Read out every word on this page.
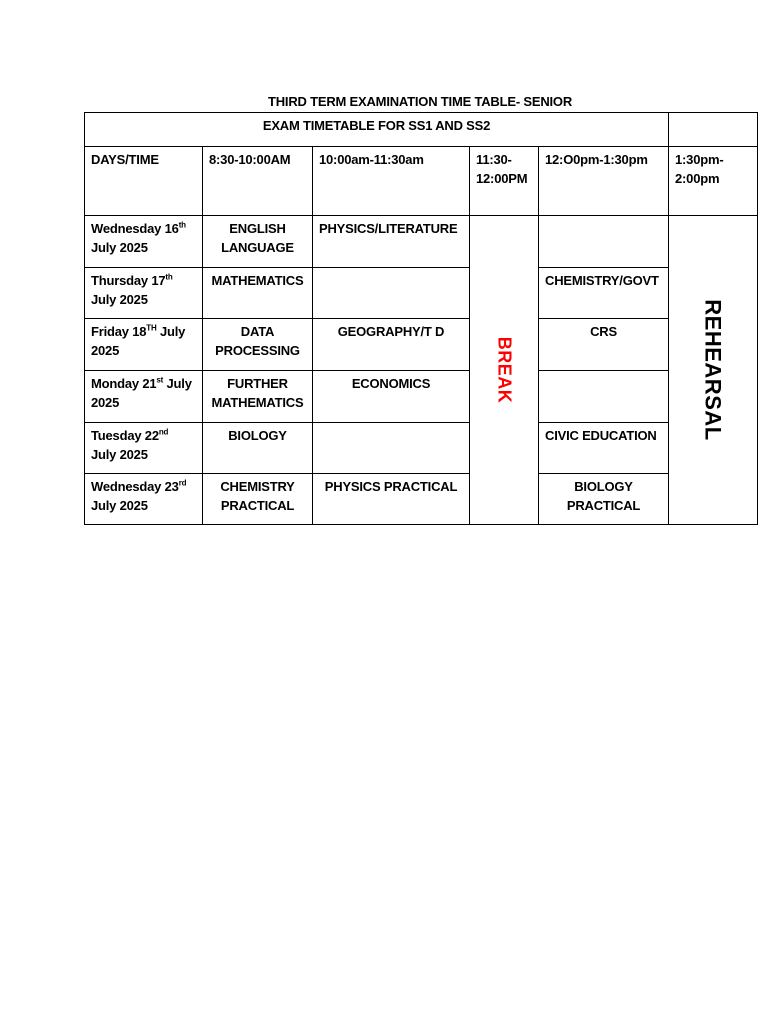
THIRD TERM EXAMINATION TIME TABLE- SENIOR
EXAM TIMETABLE FOR SS1 AND SS2					
DAYS/TIME	8:30-10:00AM	10:00am-11:30am	11:30-12:00PM	12:O0pm-1:30pm	1:30pm-2:00pm
Wednesday 16th July 2025	ENGLISH LANGUAGE	PHYSICS/LITERATURE	BREAK		REHEARSAL

Thursday 17th July 2025	MATHEMATICS			CHEMISTRY/GOVT	
Friday 18TH July 2025	DATA PROCESSING	GEOGRAPHY/T D		CRS	
Monday 21st July 2025	FURTHER MATHEMATICS	ECONOMICS			
Tuesday 22nd July 2025	BIOLOGY			CIVIC EDUCATION	
Wednesday 23rd July 2025	CHEMISTRY PRACTICAL	PHYSICS PRACTICAL		BIOLOGY PRACTICAL	
